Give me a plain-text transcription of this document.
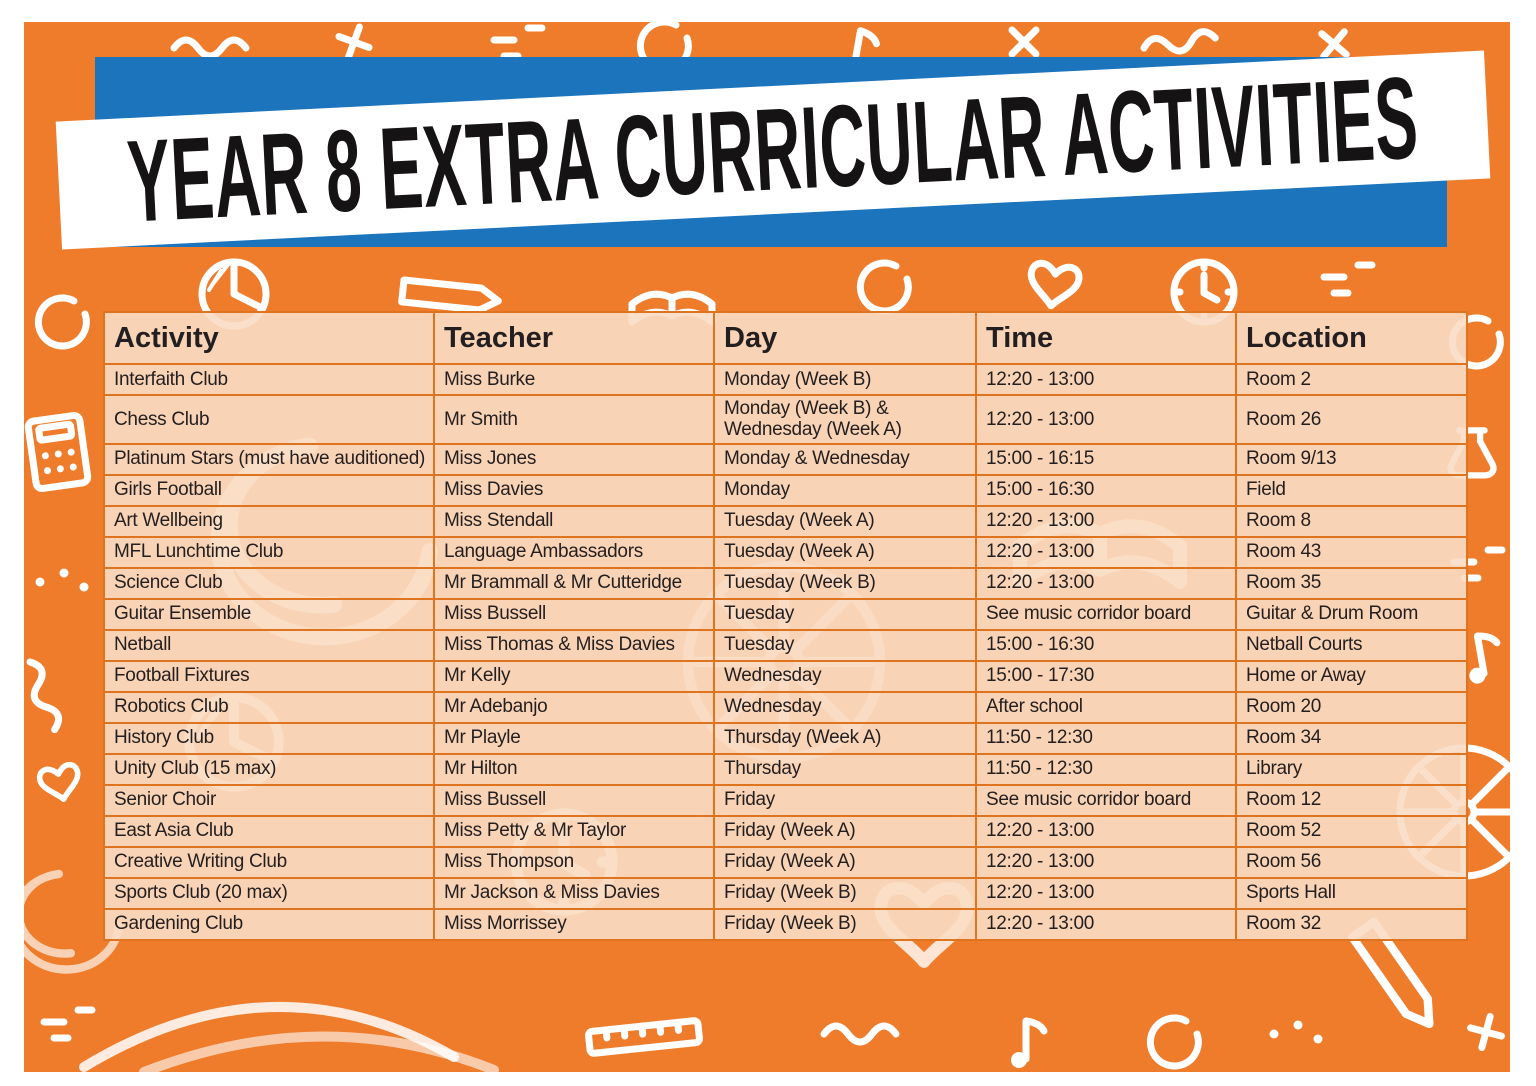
YEAR 8 EXTRA CURRICULAR ACTIVITIES
Activity	Teacher	Day	Time	Location
Interfaith Club	Miss Burke	Monday (Week B)	12:20 - 13:00	Room 2
Chess Club	Mr Smith	Monday (Week B) & Wednesday (Week A)	12:20 - 13:00	Room 26
Platinum Stars (must have auditioned)	Miss Jones	Monday & Wednesday	15:00 - 16:15	Room 9/13
Girls Football	Miss Davies	Monday	15:00 - 16:30	Field
Art Wellbeing	Miss Stendall	Tuesday (Week A)	12:20 - 13:00	Room 8
MFL Lunchtime Club	Language Ambassadors	Tuesday (Week A)	12:20 - 13:00	Room 43
Science Club	Mr Brammall & Mr Cutteridge	Tuesday (Week B)	12:20 - 13:00	Room 35
Guitar Ensemble	Miss Bussell	Tuesday	See music corridor board	Guitar & Drum Room
Netball	Miss Thomas & Miss Davies	Tuesday	15:00 - 16:30	Netball Courts
Football Fixtures	Mr Kelly	Wednesday	15:00 - 17:30	Home or Away
Robotics Club	Mr Adebanjo	Wednesday	After school	Room 20
History Club	Mr Playle	Thursday (Week A)	11:50 - 12:30	Room 34
Unity Club (15 max)	Mr Hilton	Thursday	11:50 - 12:30	Library
Senior Choir	Miss Bussell	Friday	See music corridor board	Room 12
East Asia Club	Miss Petty & Mr Taylor	Friday (Week A)	12:20 - 13:00	Room 52
Creative Writing Club	Miss Thompson	Friday (Week A)	12:20 - 13:00	Room 56
Sports Club (20 max)	Mr Jackson & Miss Davies	Friday (Week B)	12:20 - 13:00	Sports Hall
Gardening Club	Miss Morrissey	Friday (Week B)	12:20 - 13:00	Room 32
